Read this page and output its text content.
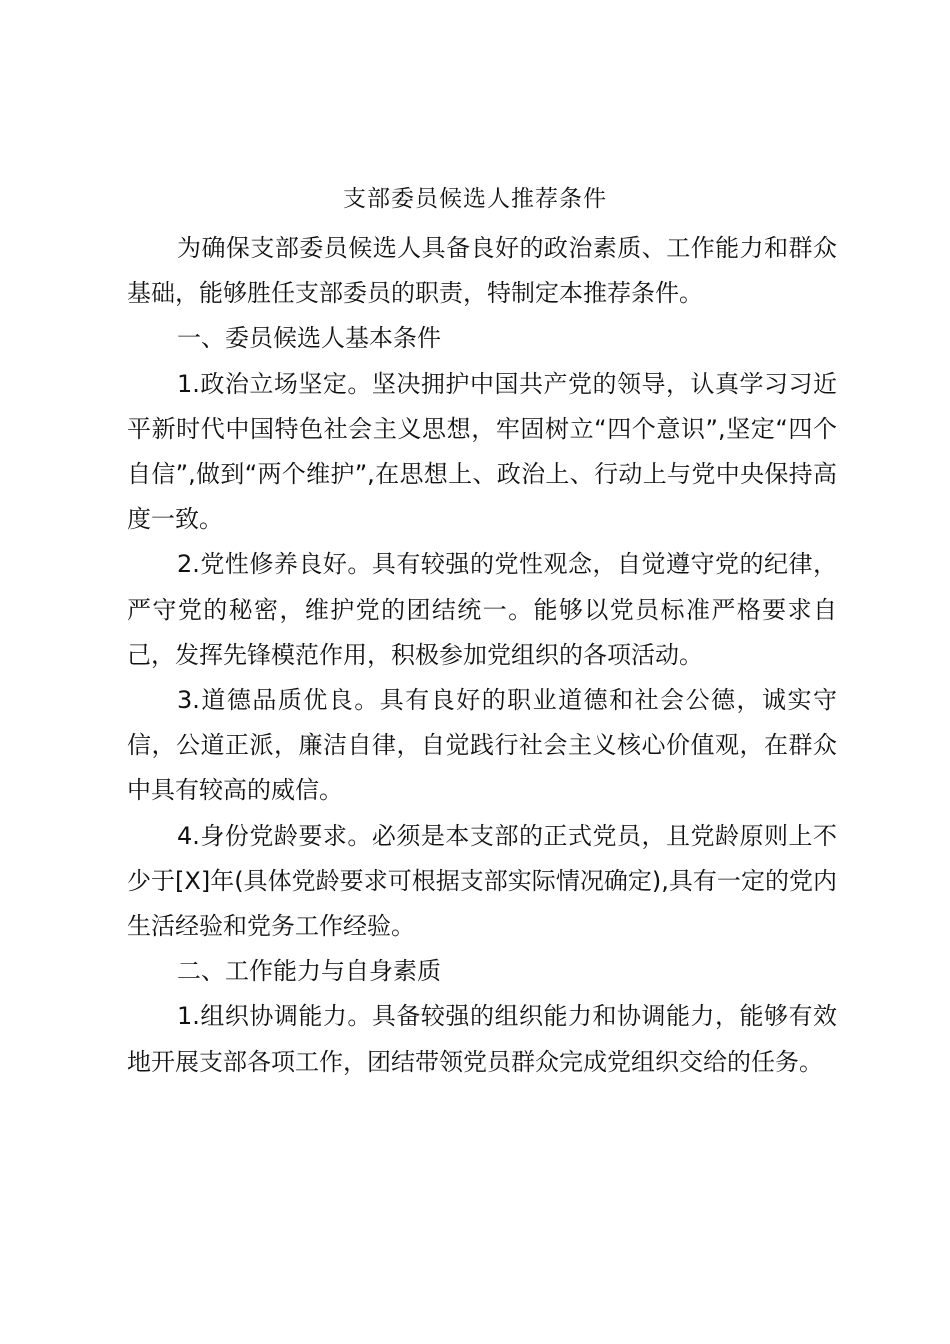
支部委员候选人推荐条件

为确保支部委员候选人具备良好的政治素质、工作能力和群众基础，能够胜任支部委员的职责，特制定本推荐条件。

一、委员候选人基本条件

1.政治立场坚定。坚决拥护中国共产党的领导，认真学习习近平新时代中国特色社会主义思想，牢固树立“四个意识”,坚定“四个自信”,做到“两个维护”,在思想上、政治上、行动上与党中央保持高度一致。

2.党性修养良好。具有较强的党性观念，自觉遵守党的纪律，严守党的秘密，维护党的团结统一。能够以党员标准严格要求自己，发挥先锋模范作用，积极参加党组织的各项活动。

3.道德品质优良。具有良好的职业道德和社会公德，诚实守信，公道正派，廉洁自律，自觉践行社会主义核心价值观，在群众中具有较高的威信。

4.身份党龄要求。必须是本支部的正式党员，且党龄原则上不少于[X]年(具体党龄要求可根据支部实际情况确定),具有一定的党内生活经验和党务工作经验。

二、工作能力与自身素质

1.组织协调能力。具备较强的组织能力和协调能力，能够有效地开展支部各项工作，团结带领党员群众完成党组织交给的任务。
